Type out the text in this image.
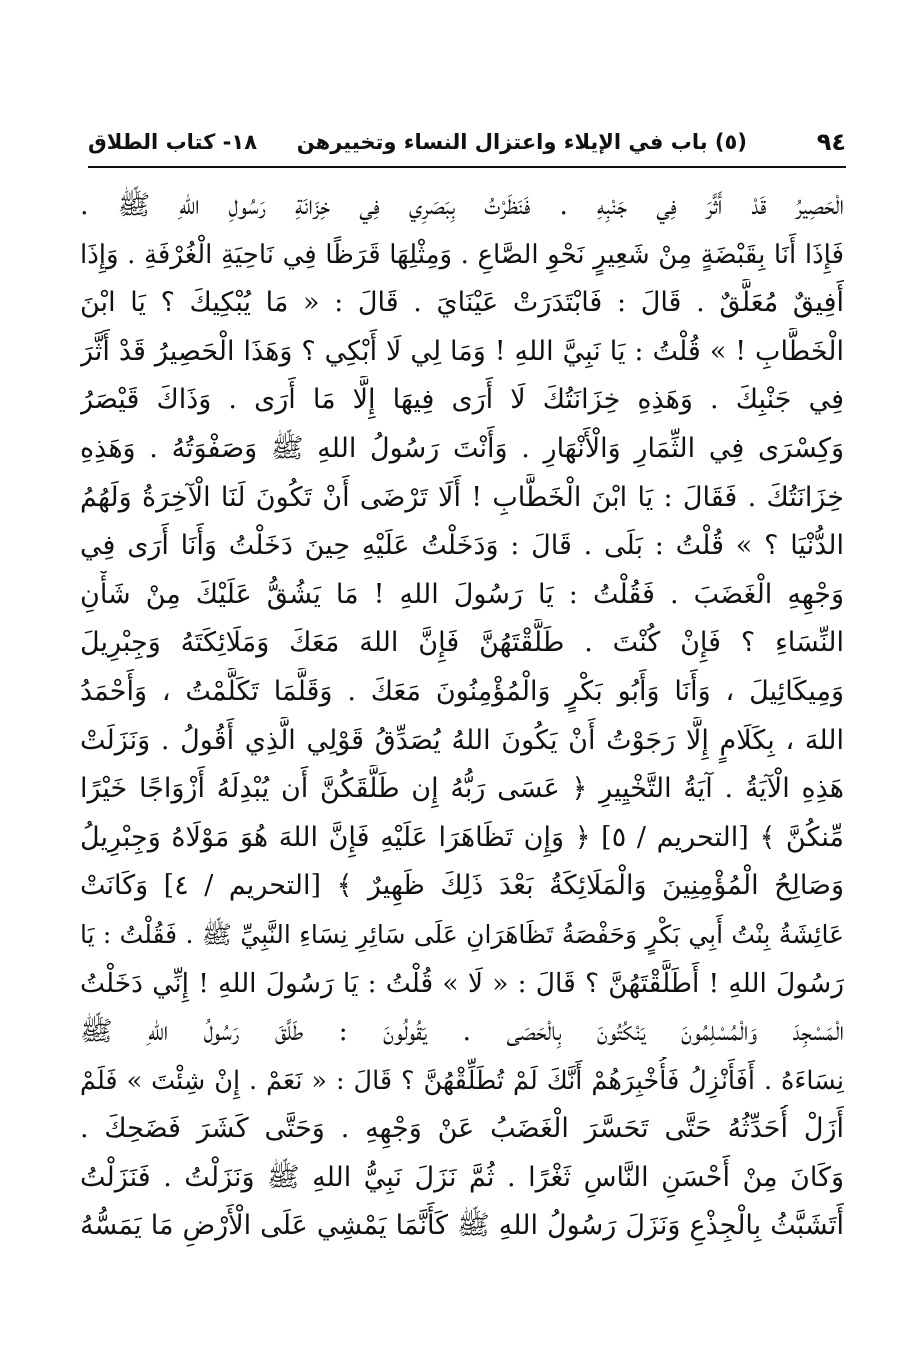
٩٤
(٥) باب في الإيلاء واعتزال النساء وتخييرهن
١٨- كتاب الطلاق
الْحَصِيرُ قَدْ أَثَّرَ فِي جَنْبِهِ . فَنَظَرْتُ بِبَصَرِي فِي خِزَانَةِ رَسُولِ اللهِ ﷺ .
فَإِذَا أَنَا بِقَبْضَةٍ مِنْ شَعِيرٍ نَحْوِ الصَّاعِ . وَمِثْلِهَا قَرَظًا فِي نَاحِيَةِ الْغُرْفَةِ . وَإِذَا
أَفِيقٌ مُعَلَّقٌ . قَالَ : فَابْتَدَرَتْ عَيْنَايَ . قَالَ : « مَا يُبْكِيكَ ؟ يَا ابْنَ
الْخَطَّابِ ! » قُلْتُ : يَا نَبِيَّ اللهِ ! وَمَا لِي لَا أَبْكِي ؟ وَهَذَا الْحَصِيرُ قَدْ أَثَّرَ
فِي جَنْبِكَ . وَهَذِهِ خِزَانَتُكَ لَا أَرَى فِيهَا إِلَّا مَا أَرَى . وَذَاكَ قَيْصَرُ
وَكِسْرَى فِي الثِّمَارِ وَالْأَنْهَارِ . وَأَنْتَ رَسُولُ اللهِ ﷺ وَصَفْوَتُهُ . وَهَذِهِ
خِزَانَتُكَ . فَقَالَ : يَا ابْنَ الْخَطَّابِ ! أَلَا تَرْضَى أَنْ تَكُونَ لَنَا الْآخِرَةُ وَلَهُمُ
الدُّنْيَا ؟ » قُلْتُ : بَلَى . قَالَ : وَدَخَلْتُ عَلَيْهِ حِينَ دَخَلْتُ وَأَنَا أَرَى فِي
وَجْهِهِ الْغَضَبَ . فَقُلْتُ : يَا رَسُولَ اللهِ ! مَا يَشُقُّ عَلَيْكَ مِنْ شَأْنِ
النِّسَاءِ ؟ فَإِنْ كُنْتَ . طَلَّقْتَهُنَّ فَإِنَّ اللهَ مَعَكَ وَمَلَائِكَتَهُ وَجِبْرِيلَ
وَمِيكَائِيلَ ، وَأَنَا وَأَبُو بَكْرٍ وَالْمُؤْمِنُونَ مَعَكَ . وَقَلَّمَا تَكَلَّمْتُ ، وَأَحْمَدُ
اللهَ ، بِكَلَامٍ إِلَّا رَجَوْتُ أَنْ يَكُونَ اللهُ يُصَدِّقُ قَوْلِي الَّذِي أَقُولُ . وَنَزَلَتْ
هَذِهِ الْآيَةُ . آيَةُ التَّخْيِيرِ ﴿ عَسَى رَبُّهُ إِن طَلَّقَكُنَّ أَن يُبْدِلَهُ أَزْوَاجًا خَيْرًا
مِّنكُنَّ ﴾ [التحريم / ٥] ﴿ وَإِن تَظَاهَرَا عَلَيْهِ فَإِنَّ اللهَ هُوَ مَوْلَاهُ وَجِبْرِيلُ
وَصَالِحُ الْمُؤْمِنِينَ وَالْمَلَائِكَةُ بَعْدَ ذَلِكَ ظَهِيرٌ ﴾ [التحريم / ٤] وَكَانَتْ
عَائِشَةُ بِنْتُ أَبِي بَكْرٍ وَحَفْصَةُ تَظَاهَرَانِ عَلَى سَائِرِ نِسَاءِ النَّبِيِّ ﷺ . فَقُلْتُ : يَا
رَسُولَ اللهِ ! أَطَلَّقْتَهُنَّ ؟ قَالَ : « لَا » قُلْتُ : يَا رَسُولَ اللهِ ! إِنِّي دَخَلْتُ
الْمَسْجِدَ وَالْمُسْلِمُونَ يَنْكُتُونَ بِالْحَصَى . يَقُولُونَ : طَلَّقَ رَسُولُ اللهِ ﷺ
نِسَاءَهُ . أَفَأَنْزِلُ فَأُخْبِرَهُمْ أَنَّكَ لَمْ تُطَلِّقْهُنَّ ؟ قَالَ : « نَعَمْ . إِنْ شِئْتَ » فَلَمْ
أَزَلْ أُحَدِّثُهُ حَتَّى تَحَسَّرَ الْغَضَبُ عَنْ وَجْهِهِ . وَحَتَّى كَشَرَ فَضَحِكَ .
وَكَانَ مِنْ أَحْسَنِ النَّاسِ ثَغْرًا . ثُمَّ نَزَلَ نَبِيُّ اللهِ ﷺ وَنَزَلْتُ . فَنَزَلْتُ
أَتَشَبَّثُ بِالْجِذْعِ وَنَزَلَ رَسُولُ اللهِ ﷺ كَأَنَّمَا يَمْشِي عَلَى الْأَرْضِ مَا يَمَسُّهُ
